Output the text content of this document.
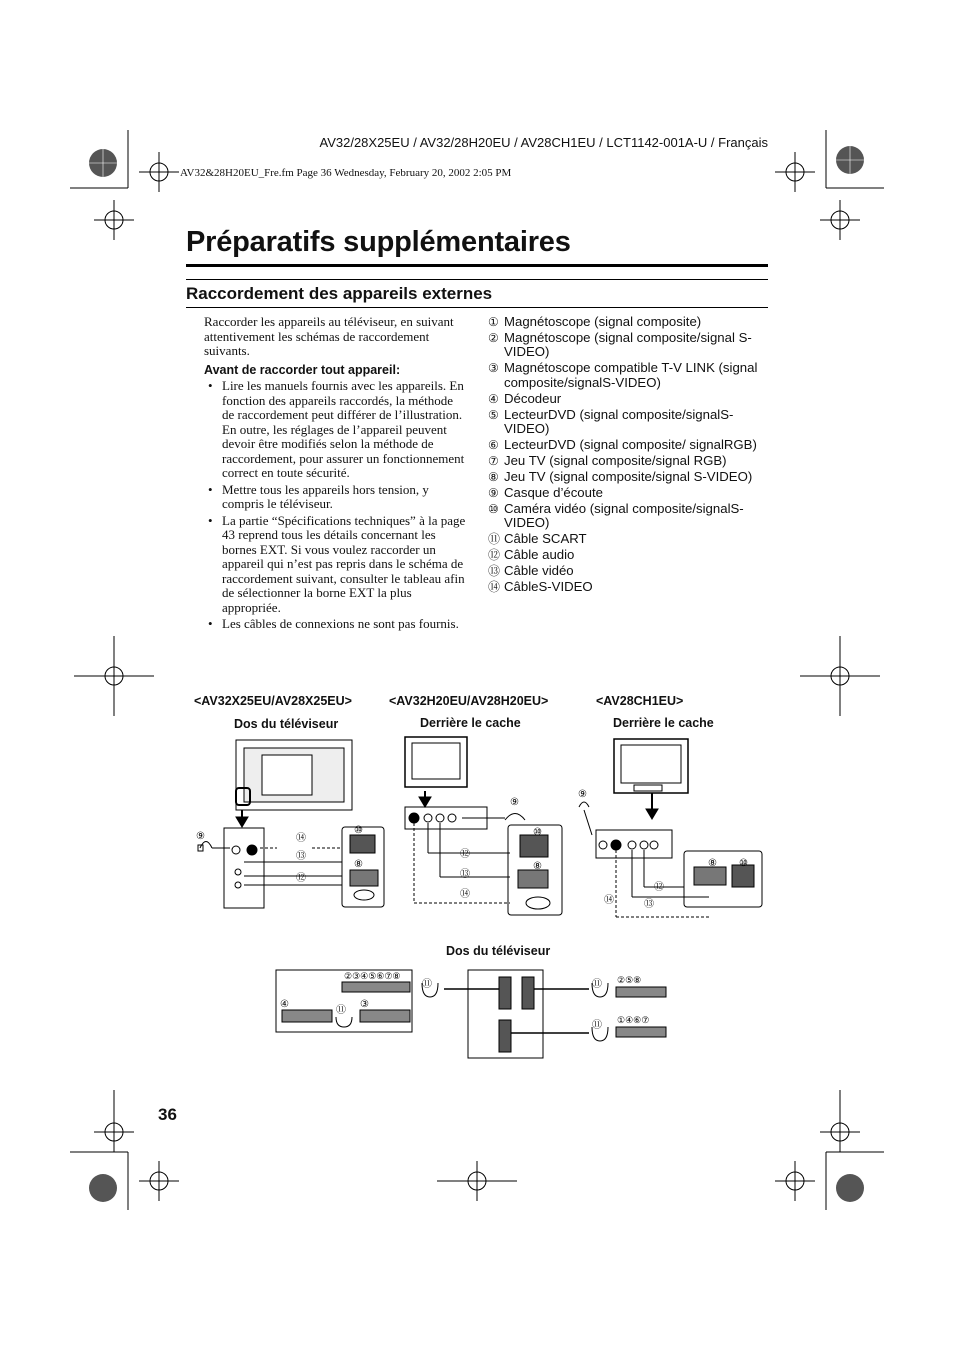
AV32/28X25EU / AV32/28H20EU / AV28CH1EU / LCT1142-001A-U / Français
AV32&28H20EU_Fre.fm Page 36 Wednesday, February 20, 2002 2:05 PM
Préparatifs supplémentaires
Raccordement des appareils externes
Raccorder les appareils au téléviseur, en suivant attentivement les schémas de raccordement suivants.
Avant de raccorder tout appareil:
• Lire les manuels fournis avec les appareils. En fonction des appareils raccordés, la méthode de raccordement peut différer de l’illustration. En outre, les réglages de l’appareil peuvent devoir être modifiés selon la méthode de raccordement, pour assurer un fonctionnement correct en toute sécurité.
• Mettre tous les appareils hors tension, y compris le téléviseur.
• La partie “Spécifications techniques” à la page 43 reprend tous les détails concernant les bornes EXT. Si vous voulez raccorder un appareil qui n’est pas repris dans le schéma de raccordement suivant, consulter le tableau afin de sélectionner la borne EXT la plus appropriée.
• Les câbles de connexions ne sont pas fournis.
① Magnétoscope (signal composite)
② Magnétoscope (signal composite/signal S-VIDEO)
③ Magnétoscope compatible T-V LINK (signal composite/signalS-VIDEO)
④ Décodeur
⑤ LecteurDVD (signal composite/signalS-VIDEO)
⑥ LecteurDVD (signal composite/ signalRGB)
⑦ Jeu TV (signal composite/signal RGB)
⑧ Jeu TV (signal composite/signal S-VIDEO)
⑨ Casque d’écoute
⑩ Caméra vidéo (signal composite/signalS-VIDEO)
⑪ Câble SCART
⑫ Câble audio
⑬ Câble vidéo
⑭ CâbleS-VIDEO
<AV32X25EU/AV28X25EU>	<AV32H20EU/AV28H20EU>	<AV28CH1EU>
Dos du téléviseur	Derrière le cache	Derrière le cache
Dos du téléviseur
⑨	⑭
⑬
⑫
⑩
⑧
⑨
⑫
⑬
⑭
⑩
⑧
⑨
⑫
⑬
⑭
⑧ ⑩
②③④⑤⑥⑦⑧
④	③
⑪
⑪	⑪
⑪
②⑤⑧
①④⑥⑦
36
